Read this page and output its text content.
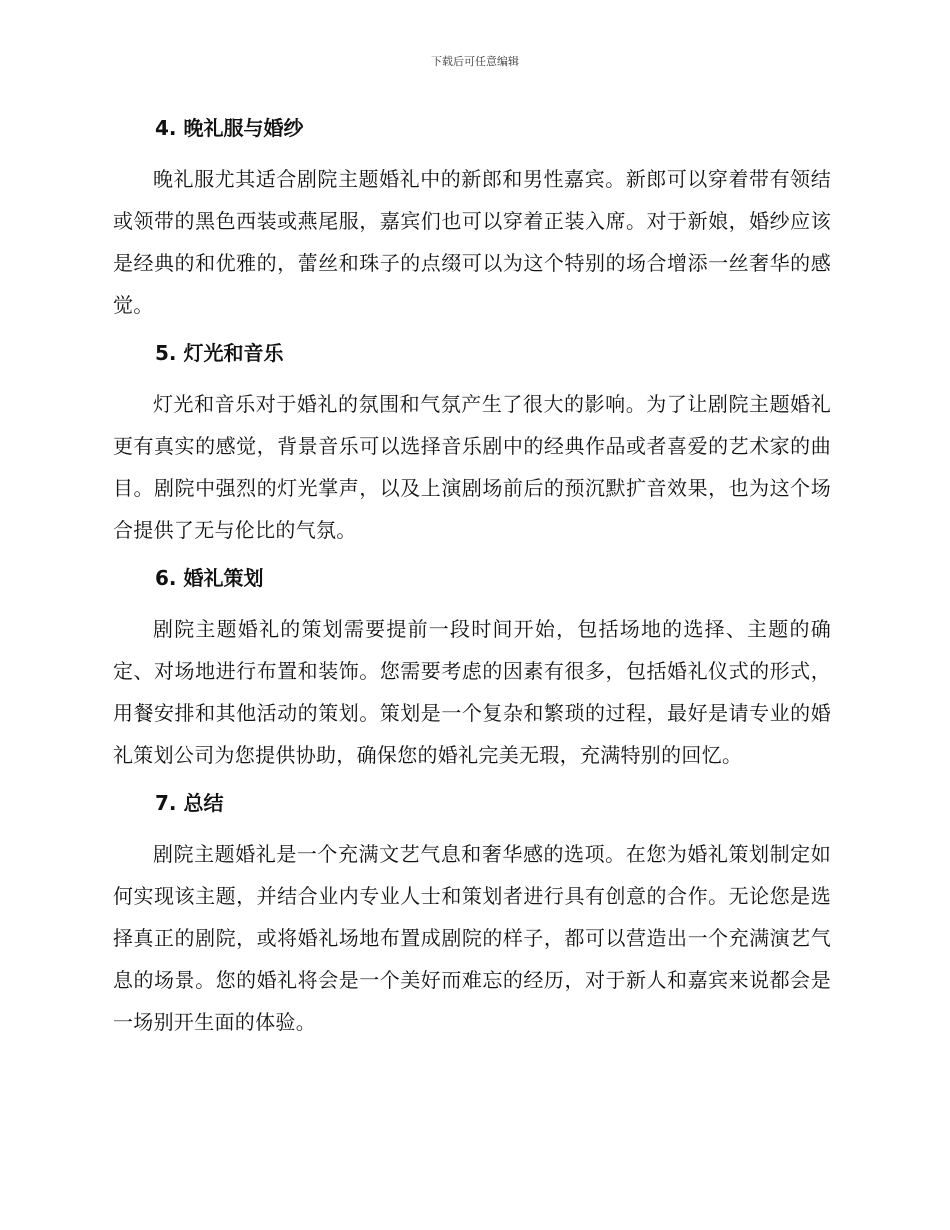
下载后可任意编辑
4. 晚礼服与婚纱

晚礼服尤其适合剧院主题婚礼中的新郎和男性嘉宾。新郎可以穿着带有领结或领带的黑色西装或燕尾服，嘉宾们也可以穿着正装入席。对于新娘，婚纱应该是经典的和优雅的，蕾丝和珠子的点缀可以为这个特别的场合增添一丝奢华的感觉。

5. 灯光和音乐

灯光和音乐对于婚礼的氛围和气氛产生了很大的影响。为了让剧院主题婚礼更有真实的感觉，背景音乐可以选择音乐剧中的经典作品或者喜爱的艺术家的曲目。剧院中强烈的灯光掌声，以及上演剧场前后的预沉默扩音效果，也为这个场合提供了无与伦比的气氛。

6. 婚礼策划

剧院主题婚礼的策划需要提前一段时间开始，包括场地的选择、主题的确定、对场地进行布置和装饰。您需要考虑的因素有很多，包括婚礼仪式的形式，用餐安排和其他活动的策划。策划是一个复杂和繁琐的过程，最好是请专业的婚礼策划公司为您提供协助，确保您的婚礼完美无瑕，充满特别的回忆。

7. 总结

剧院主题婚礼是一个充满文艺气息和奢华感的选项。在您为婚礼策划制定如何实现该主题，并结合业内专业人士和策划者进行具有创意的合作。无论您是选择真正的剧院，或将婚礼场地布置成剧院的样子，都可以营造出一个充满演艺气息的场景。您的婚礼将会是一个美好而难忘的经历，对于新人和嘉宾来说都会是一场别开生面的体验。
